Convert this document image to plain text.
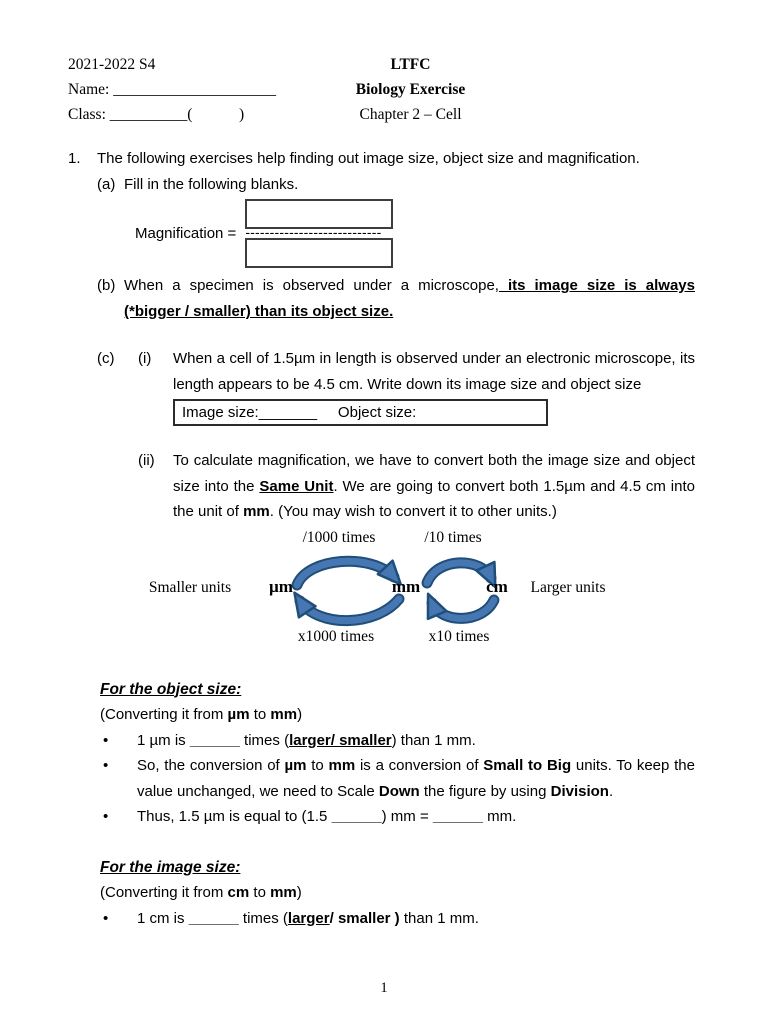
2021-2022 S4	LTFC
Name: _____________________	Biology Exercise
Class: __________(            )	Chapter 2 – Cell
1.	The following exercises help finding out image size, object size and magnification.
(a) Fill in the following blanks.
Magnification = ----------------------------
(b) When a specimen is observed under a microscope, its image size is always (*bigger / smaller) than its object size.
(c)	(i)	When a cell of 1.5µm in length is observed under an electronic microscope, its length appears to be 4.5 cm. Write down its image size and object size
Image size:_______     Object size:
(ii)	To calculate magnification, we have to convert both the image size and object size into the Same Unit. We are going to convert both 1.5µm and 4.5 cm into the unit of mm. (You may wish to convert it to other units.)
/1000 times	/10 times
Smaller units µm	mm	cm Larger units
x1000 times	x10 times
For the object size:
(Converting it from µm to mm)
•	1 µm is ______ times (larger/ smaller) than 1 mm.
•	So, the conversion of µm to mm is a conversion of Small to Big units. To keep the value unchanged, we need to Scale Down the figure by using Division.
•	Thus, 1.5 µm is equal to (1.5 ______) mm = ______ mm.
For the image size:
(Converting it from cm to mm)
•	1 cm is ______ times (larger/ smaller ) than 1 mm.
1
